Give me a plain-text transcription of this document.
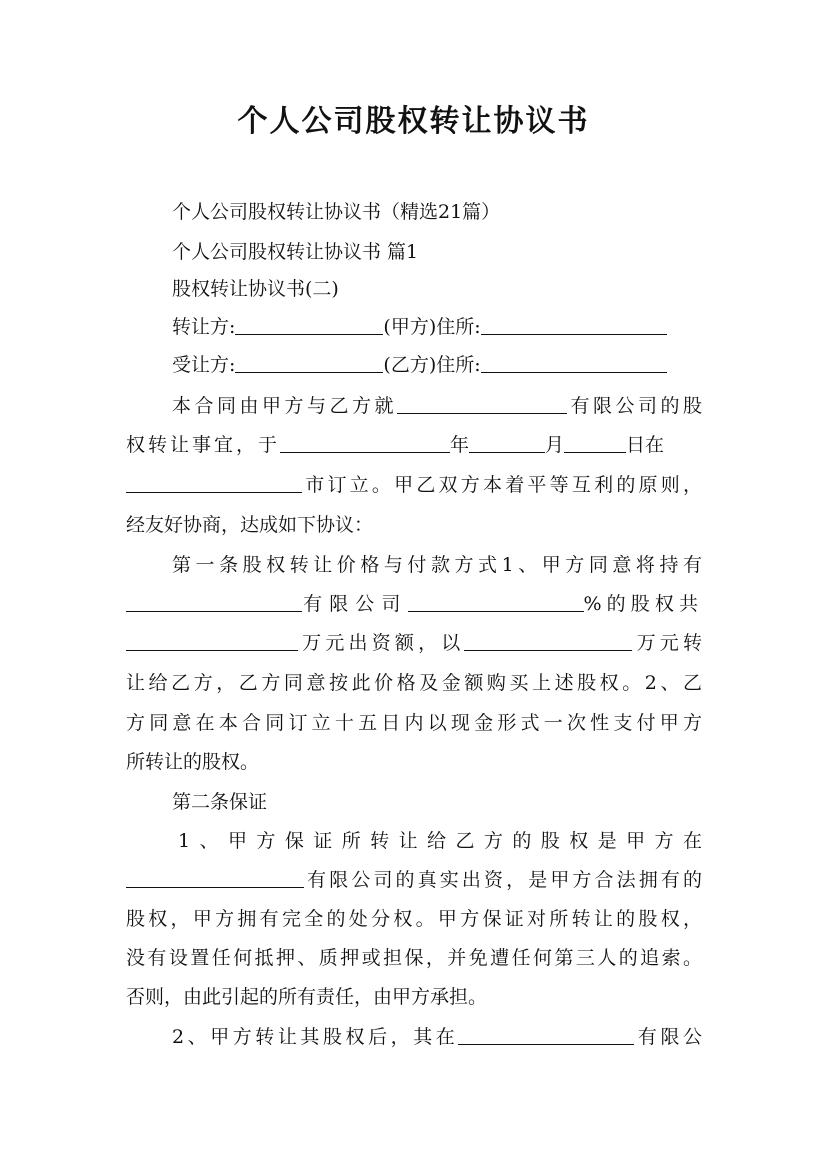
个人公司股权转让协议书
个人公司股权转让协议书（精选21篇）
个人公司股权转让协议书 篇1
股权转让协议书(二)
转让方:	(甲方)住所:
受让方:	(乙方)住所:
本合同由甲方与乙方就	有限公司的股
权转让事宜，于	年	月	日在
市订立。甲乙双方本着平等互利的原则，
经友好协商，达成如下协议：
第一条股权转让价格与付款方式1、甲方同意将持有
有限公司	%的股权共
万元出资额，以	万元转
让给乙方，乙方同意按此价格及金额购买上述股权。2、乙
方同意在本合同订立十五日内以现金形式一次性支付甲方
所转让的股权。
第二条保证
1、甲方保证所转让给乙方的股权是甲方在
有限公司的真实出资，是甲方合法拥有的
股权，甲方拥有完全的处分权。甲方保证对所转让的股权，
没有设置任何抵押、质押或担保，并免遭任何第三人的追索。
否则，由此引起的所有责任，由甲方承担。
2、甲方转让其股权后，其在	有限公
